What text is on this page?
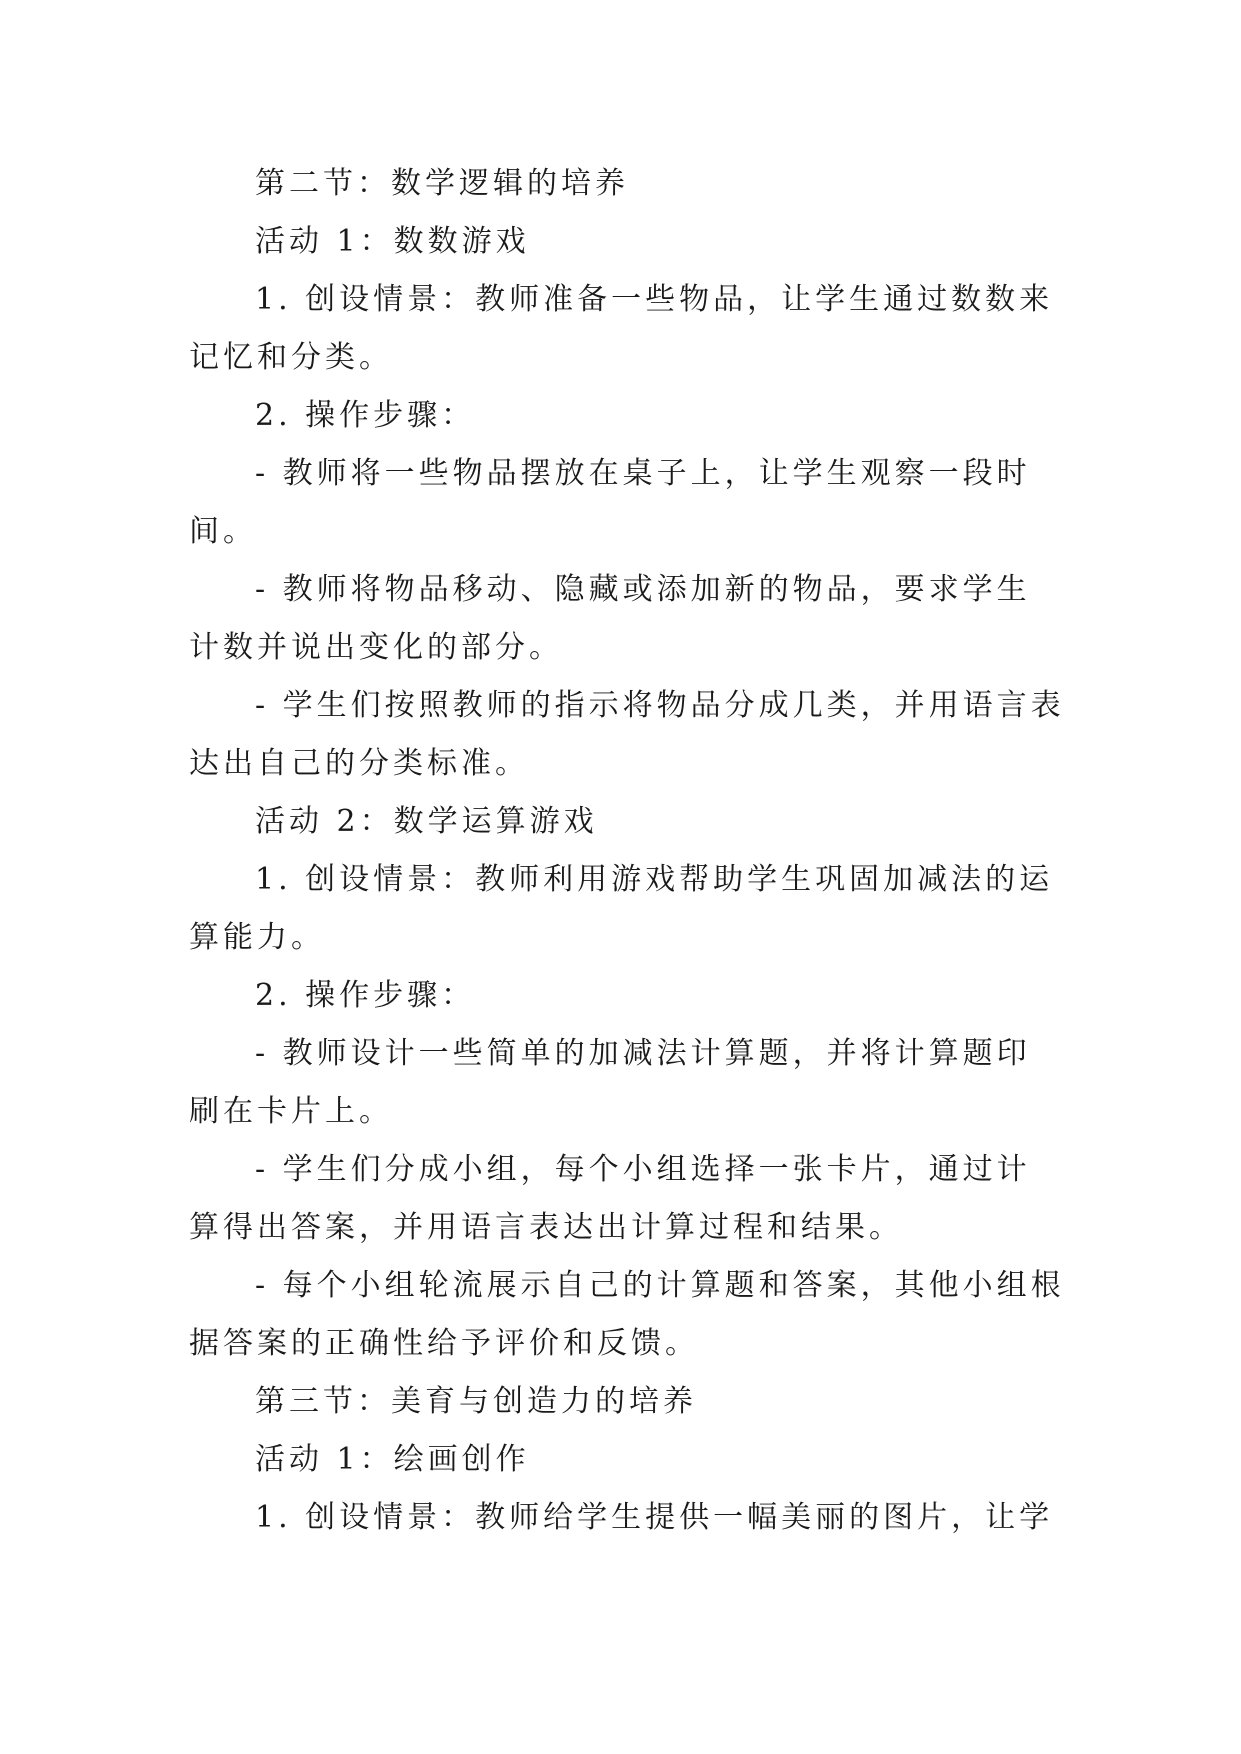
第二节：数学逻辑的培养
活动 1：数数游戏
1. 创设情景：教师准备一些物品，让学生通过数数来
记忆和分类。
2. 操作步骤：
- 教师将一些物品摆放在桌子上，让学生观察一段时
间。
- 教师将物品移动、隐藏或添加新的物品，要求学生
计数并说出变化的部分。
- 学生们按照教师的指示将物品分成几类，并用语言表
达出自己的分类标准。
活动 2：数学运算游戏
1. 创设情景：教师利用游戏帮助学生巩固加减法的运
算能力。
2. 操作步骤：
- 教师设计一些简单的加减法计算题，并将计算题印
刷在卡片上。
- 学生们分成小组，每个小组选择一张卡片，通过计
算得出答案，并用语言表达出计算过程和结果。
- 每个小组轮流展示自己的计算题和答案，其他小组根
据答案的正确性给予评价和反馈。
第三节：美育与创造力的培养
活动 1：绘画创作
1. 创设情景：教师给学生提供一幅美丽的图片，让学
